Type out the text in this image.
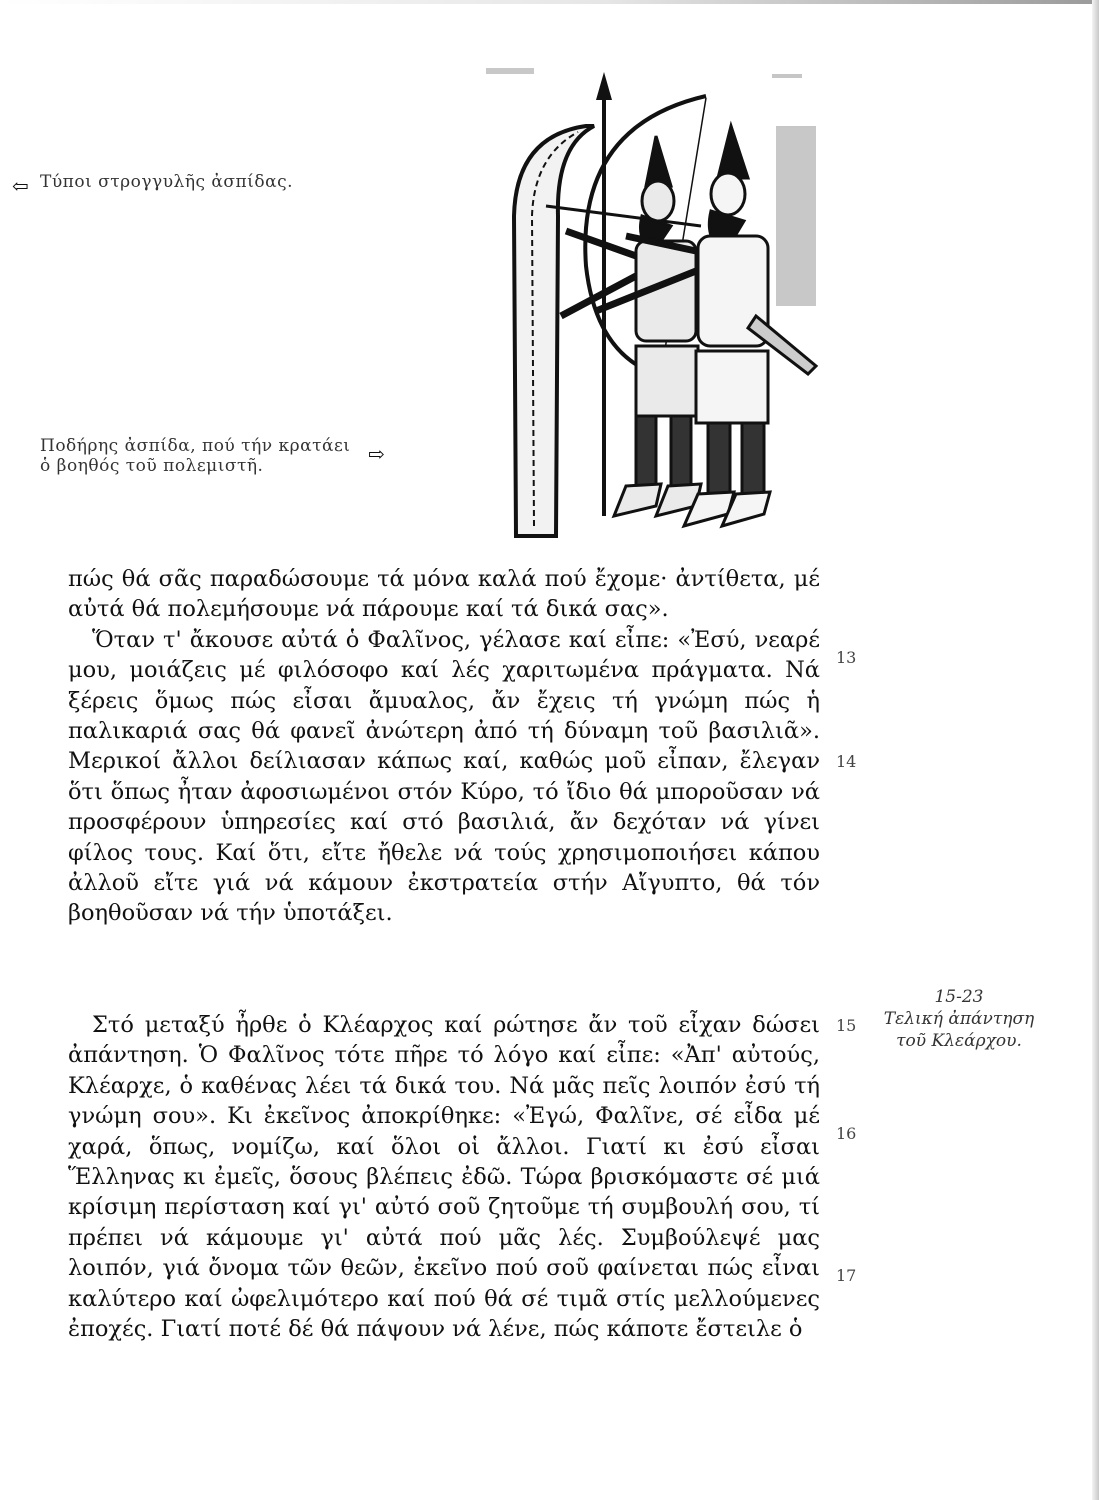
⇦ Τύποι στρογγυλῆς ἀσπίδας.
Ποδήρης ἀσπίδα, πού τήν κρατάει ὁ βοηθός τοῦ πολεμιστῆ.	⇨

πώς θά σᾶς παραδώσουμε τά μόνα καλά πού ἔχομε· ἀντίθετα, μέ αὐτά θά πολεμήσουμε νά πάρουμε καί τά δικά σας».

Ὅταν τ' ἄκουσε αὐτά ὁ Φαλῖνος, γέλασε καί εἶπε: «Ἐσύ, νεαρέ μου, μοιάζεις μέ φιλόσοφο καί λές χαριτωμένα πράγματα. Νά ξέρεις ὅμως πώς εἶσαι ἄμυαλος, ἄν ἔχεις τή γνώμη πώς ἡ παλικαριά σας θά φανεῖ ἀνώτερη ἀπό τή δύναμη τοῦ βασιλιᾶ». Μερικοί ἄλλοι δείλιασαν κάπως καί, καθώς μοῦ εἶπαν, ἔλεγαν ὅτι ὅπως ἦταν ἀφοσιωμένοι στόν Κύρο, τό ἴδιο θά μποροῦσαν νά προσφέρουν ὑπηρεσίες καί στό βασιλιά, ἄν δεχόταν νά γίνει φίλος τους. Καί ὅτι, εἴτε ἤθελε νά τούς χρησιμοποιήσει κάπου ἀλλοῦ εἴτε γιά νά κάμουν ἐκστρατεία στήν Αἴγυπτο, θά τόν βοηθοῦσαν νά τήν ὑποτάξει.

Στό μεταξύ ἦρθε ὁ Κλέαρχος καί ρώτησε ἄν τοῦ εἶχαν δώσει ἀπάντηση. Ὁ Φαλῖνος τότε πῆρε τό λόγο καί εἶπε: «Ἀπ' αὐτούς, Κλέαρχε, ὁ καθένας λέει τά δικά του. Νά μᾶς πεῖς λοιπόν ἐσύ τή γνώμη σου». Κι ἐκεῖνος ἀποκρίθηκε: «Ἐγώ, Φαλῖνε, σέ εἶδα μέ χαρά, ὅπως, νομίζω, καί ὅλοι οἱ ἄλλοι. Γιατί κι ἐσύ εἶσαι Ἕλληνας κι ἐμεῖς, ὅσους βλέπεις ἐδῶ. Τώρα βρισκόμαστε σέ μιά κρίσιμη περίσταση καί γι' αὐτό σοῦ ζητοῦμε τή συμβουλή σου, τί πρέπει νά κάμουμε γι' αὐτά πού μᾶς λές. Συμβούλεψέ μας λοιπόν, γιά ὄνομα τῶν θεῶν, ἐκεῖνο πού σοῦ φαίνεται πώς εἶναι καλύτερο καί ὠφελιμότερο καί πού θά σέ τιμᾶ στίς μελλούμενες ἐποχές. Γιατί ποτέ δέ θά πάψουν νά λένε, πώς κάποτε ἔστειλε ὁ

13
14
15
16
17
15-23
Τελική ἀπάντηση τοῦ Κλεάρχου.
